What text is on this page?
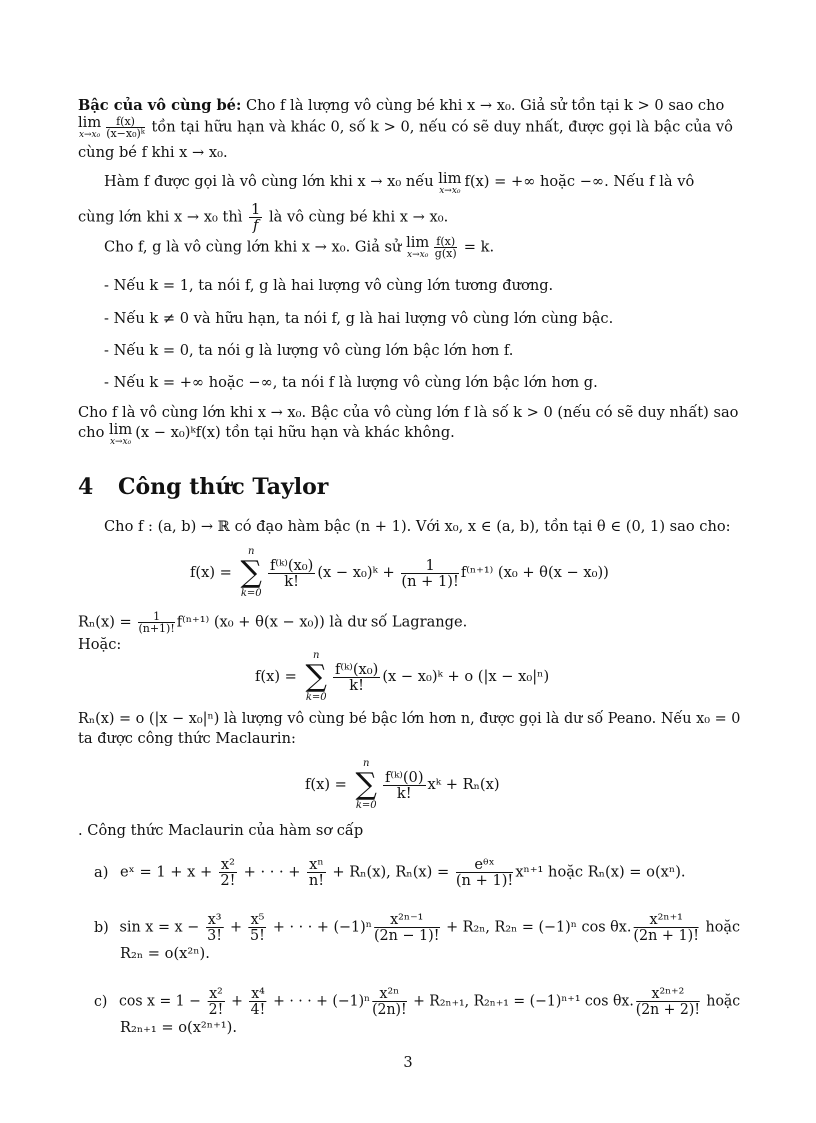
Bậc của vô cùng bé: Cho f là lượng vô cùng bé khi x → x₀. Giả sử tồn tại k > 0 sao cho
lim
$x\to x_0 \frac{f(x)}{\text{(x−x₀)ᵏ}}$ tồn tại hữu hạn và khác 0, số k > 0, nếu có sẽ duy nhất, được gọi là bậc của vô
cùng bé f khi x → x₀.
Hàm f được gọi là vô cùng lớn khi x → x₀ nếu lim
x→x₀
f(x) = +∞ hoặc −∞. Nếu f là vô
cùng lớn khi x → x₀ thì $\frac{1}{f}$ là vô cùng bé khi x → x₀.
Cho f, g là vô cùng lớn khi x → x₀. Giả sử lim
$x\to x_0 \frac{f(x)}{g(x)} = k$.
- Nếu k = 1, ta nói f, g là hai lượng vô cùng lớn tương đương.
- Nếu k ≠ 0 và hữu hạn, ta nói f, g là hai lượng vô cùng lớn cùng bậc.
- Nếu k = 0, ta nói g là lượng vô cùng lớn bậc lớn hơn f.
- Nếu k = +∞ hoặc −∞, ta nói f là lượng vô cùng lớn bậc lớn hơn g.
Cho f là vô cùng lớn khi x → x₀. Bậc của vô cùng lớn f là số k > 0 (nếu có sẽ duy nhất) sao
cho lim
x→x₀
(x − x₀)ᵏf(x) tồn tại hữu hạn và khác không.
4 Công thức Taylor
Cho f : (a, b) → ℝ có đạo hàm bậc (n + 1). Với x₀, x ∈ (a, b), tồn tại θ ∈ (0, 1) sao cho:
f(x) =
n
∑
k=0
$\frac{\text{f⁽ᵏ⁾(x₀)}}{k!} (x$ − x₀)ᵏ + $\frac{1}{(n + 1)!} f^{(n+1)}$ (x₀ + θ(x − x₀))
$R_n(x) = \frac{1}{(n+1)!} f^{(n+1)}$ (x₀ + θ(x − x₀)) là dư số Lagrange.
Hoặc:
f(x) =
n
∑
k=0
$\frac{\text{f⁽ᵏ⁾(x₀)}}{k!} (x$ − x₀)ᵏ + o (|x − x₀|ⁿ)
Rₙ(x) = o (|x − x₀|ⁿ) là lượng vô cùng bé bậc lớn hơn n, được gọi là dư số Peano. Nếu x₀ = 0
ta được công thức Maclaurin:
f(x) =
n
∑
k=0
$\frac{\text{f⁽ᵏ⁾(0)}}{k!}$ xᵏ + Rₙ(x)
. Công thức Maclaurin của hàm sơ cấp
a) eˣ = $1 + x + \frac{\text{x²}}{2!}$ + · · · + $\frac{\text{xⁿ}}{n!} + R_n(x)$, $R_n(x) = \frac{\text{eᶿˣ}}{(n + 1)!} x^{n+1}$ hoặc Rₙ(x) = o(xⁿ).
b) $\sin x = x - \frac{\text{x³}}{3!} + \frac{\text{x⁵}}{5!}$ + · · · + $(-1)^n \frac{\text{x²ⁿ⁻¹}}{(2n - 1)!} + R_{2n}$, R₂ₙ = (−1)ⁿ cos θx. $\frac{\text{x²ⁿ⁺¹}}{(2n + 1)!}$ hoặc
R₂ₙ = o(x²ⁿ).
c) $\cos x = 1 - \frac{\text{x²}}{2!} + \frac{\text{x⁴}}{4!}$ + · · · + $(-1)^n \frac{\text{x²ⁿ}}{(2n)!} + R_{2n+1}$, R₂ₙ₊₁ = (−1)ⁿ⁺¹ cos θx. $\frac{\text{x²ⁿ⁺²}}{(2n + 2)!}$ hoặc
R₂ₙ₊₁ = o(x²ⁿ⁺¹).
3
